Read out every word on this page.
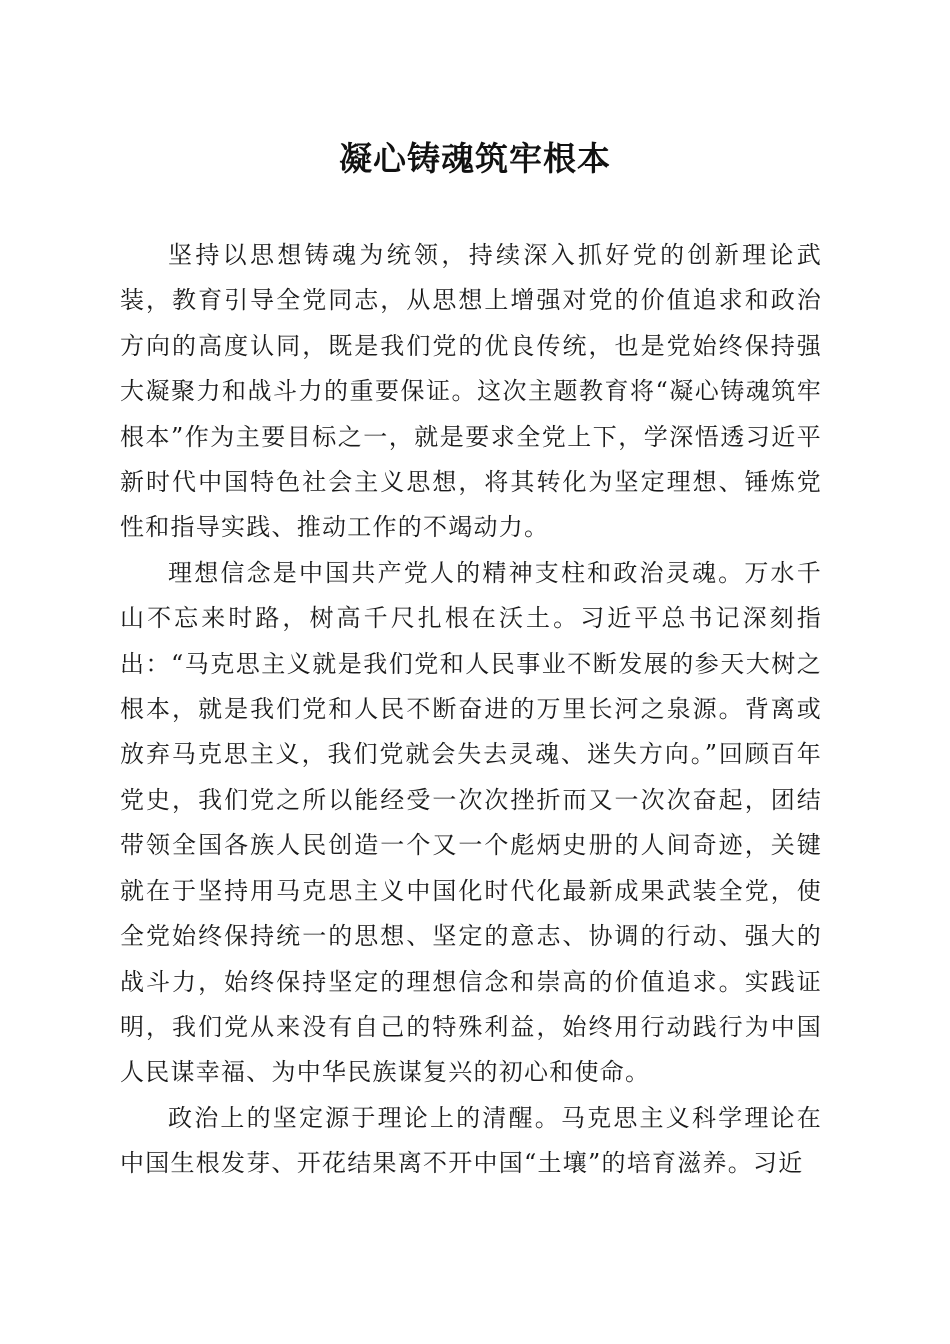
凝心铸魂筑牢根本

坚持以思想铸魂为统领，持续深入抓好党的创新理论武装，教育引导全党同志，从思想上增强对党的价值追求和政治方向的高度认同，既是我们党的优良传统，也是党始终保持强大凝聚力和战斗力的重要保证。这次主题教育将“凝心铸魂筑牢根本”作为主要目标之一，就是要求全党上下，学深悟透习近平新时代中国特色社会主义思想，将其转化为坚定理想、锤炼党性和指导实践、推动工作的不竭动力。

理想信念是中国共产党人的精神支柱和政治灵魂。万水千山不忘来时路，树高千尺扎根在沃土。习近平总书记深刻指出：“马克思主义就是我们党和人民事业不断发展的参天大树之根本，就是我们党和人民不断奋进的万里长河之泉源。背离或放弃马克思主义，我们党就会失去灵魂、迷失方向。”回顾百年党史，我们党之所以能经受一次次挫折而又一次次奋起，团结带领全国各族人民创造一个又一个彪炳史册的人间奇迹，关键就在于坚持用马克思主义中国化时代化最新成果武装全党，使全党始终保持统一的思想、坚定的意志、协调的行动、强大的战斗力，始终保持坚定的理想信念和崇高的价值追求。实践证明，我们党从来没有自己的特殊利益，始终用行动践行为中国人民谋幸福、为中华民族谋复兴的初心和使命。

政治上的坚定源于理论上的清醒。马克思主义科学理论在中国生根发芽、开花结果离不开中国“土壤”的培育滋养。习近
